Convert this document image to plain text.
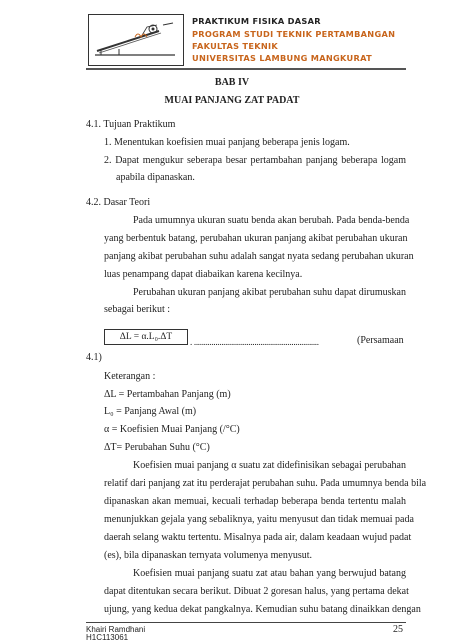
PRAKTIKUM FISIKA DASAR
PROGRAM STUDI TEKNIK PERTAMBANGAN
FAKULTAS TEKNIK
UNIVERSITAS LAMBUNG MANGKURAT
BAB IV
MUAI PANJANG ZAT PADAT
4.1. Tujuan Praktikum
1. Menentukan koefisien muai panjang beberapa jenis logam.
2. Dapat mengukur seberapa besar pertambahan panjang beberapa logam
apabila dipanaskan.
4.2. Dasar Teori
Pada umumnya ukuran suatu benda akan berubah. Pada benda-benda
yang berbentuk batang, perubahan ukuran panjang akibat perubahan ukuran
panjang akibat perubahan suhu adalah sangat nyata sedang perubahan ukuran
luas penampang dapat diabaikan karena kecilnya.
Perubahan ukuran panjang akibat perubahan suhu dapat dirumuskan
sebagai berikut :
ΔL = α.L₀.ΔT	. ................................................................	(Persamaan
4.1)
Keterangan :
ΔL = Pertambahan Panjang (m)
L₀ = Panjang Awal (m)
α = Koefisien Muai Panjang (/°C)
ΔT= Perubahan Suhu (°C)
Koefisien muai panjang α suatu zat didefinisikan sebagai perubahan
relatif dari panjang zat itu perderajat perubahan suhu. Pada umumnya benda bila
dipanaskan akan memuai, kecuali terhadap beberapa benda tertentu malah
menunjukkan gejala yang sebaliknya, yaitu menyusut dan tidak memuai pada
daerah selang waktu tertentu. Misalnya pada air, dalam keadaan wujud padat
(es), bila dipanaskan ternyata volumenya menyusut.
Koefisien muai panjang suatu zat atau bahan yang berwujud batang
dapat ditentukan secara berikut. Dibuat 2 goresan halus, yang pertama dekat
ujung, yang kedua dekat pangkalnya. Kemudian suhu batang dinaikkan dengan
Khairi Ramdhani
H1C113061
25
